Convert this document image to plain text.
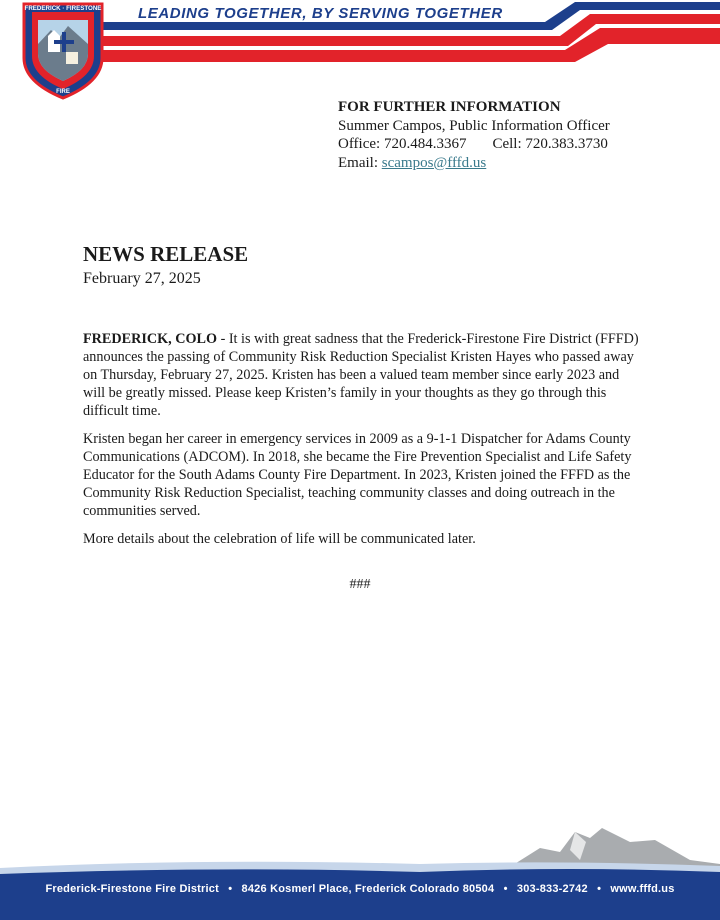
LEADING TOGETHER, BY SERVING TOGETHER
FREDERICK · FIRESTONE
FIRE
FOR FURTHER INFORMATION
Summer Campos, Public Information Officer
Office: 720.484.3367 Cell: 720.383.3730
Email: scampos@fffd.us
NEWS RELEASE
February 27, 2025

FREDERICK, COLO - It is with great sadness that the Frederick-Firestone Fire District (FFFD) announces the passing of Community Risk Reduction Specialist Kristen Hayes who passed away on Thursday, February 27, 2025. Kristen has been a valued team member since early 2023 and will be greatly missed. Please keep Kristen’s family in your thoughts as they go through this difficult time.

Kristen began her career in emergency services in 2009 as a 9-1-1 Dispatcher for Adams County Communications (ADCOM). In 2018, she became the Fire Prevention Specialist and Life Safety Educator for the South Adams County Fire Department. In 2023, Kristen joined the FFFD as the Community Risk Reduction Specialist, teaching community classes and doing outreach in the communities served.

More details about the celebration of life will be communicated later.

###
Frederick-Firestone Fire District • 8426 Kosmerl Place, Frederick Colorado 80504 • 303-833-2742 • www.fffd.us
